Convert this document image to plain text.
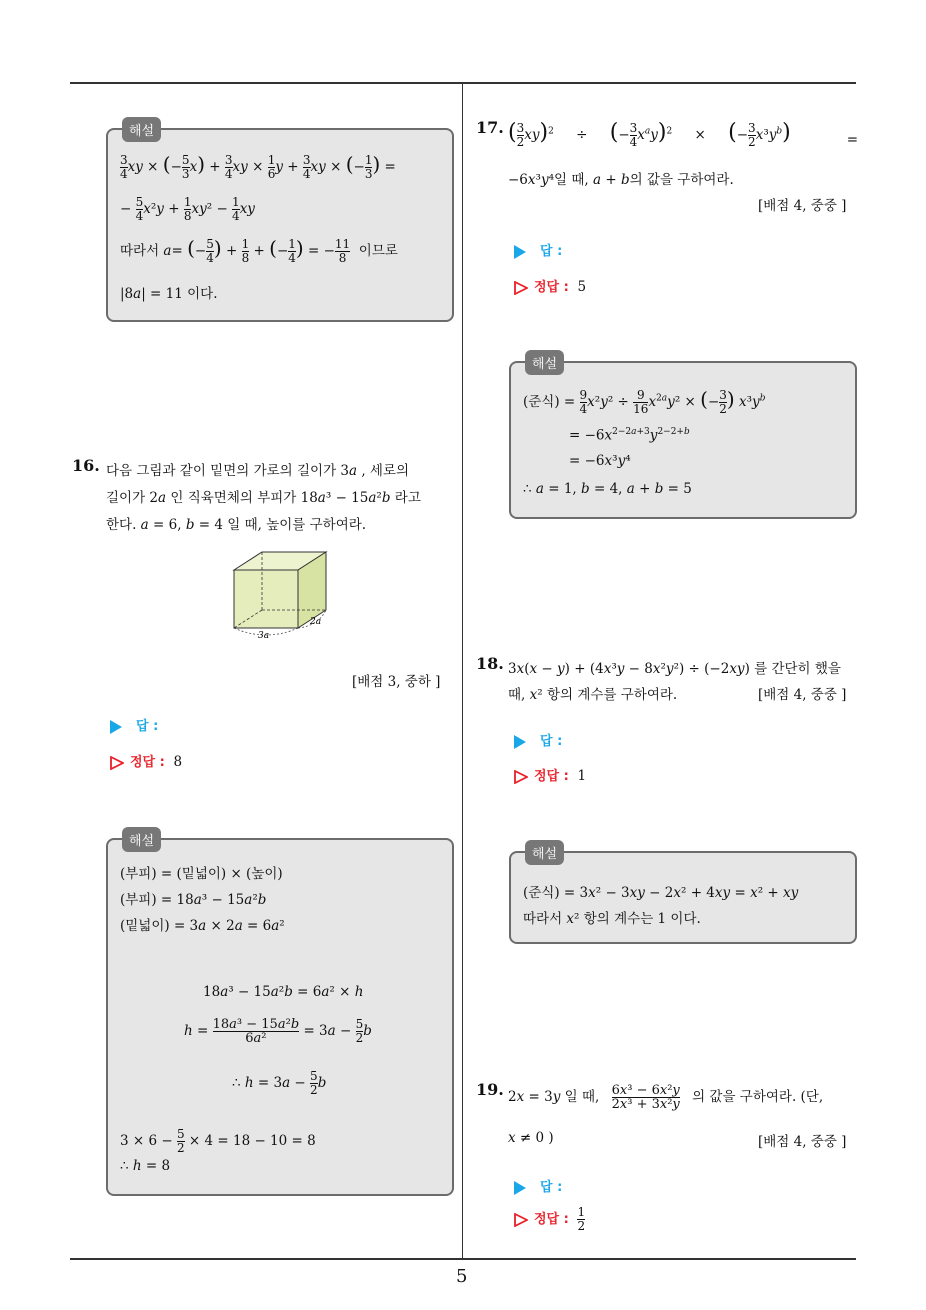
해설
$\frac{3}{4}$ xy × (− $\frac{5}{3} x) + \frac{3}{4}$ xy × $\frac{1}{6}$ $y + \frac{3}{4}$ xy × (− $\frac{1}{3}$ ) =
− $\frac{5}{4} x^2y + \frac{1}{8} xy^2 - \frac{1}{4}$ xy
따라서 a= (− $\frac{5}{4}$ ) + $\frac{1}{8}$ + (− $\frac{1}{4}$ ) = − $\frac{11}{8}$ 이므로
|8a| = 11 이다.
16. 다음 그림과 같이 밑면의 가로의 길이가 3a , 세로의
길이가 2a 인 직육면체의 부피가 18a³ − 15a²b 라고
한다. a = 6, b = 4 일 때, 높이를 구하여라.
3a
2a
[배점 3, 중하 ]
답 :
정답 : 8
해설
(부피) = (밑넓이) × (높이)
(부피) = 18a³ − 15a²b
(밑넓이) = 3a × 2a = 6a²
18a³ − 15a²b = 6a² × h
$h = \frac{\text{18a³ − 15a²b}}{\text{6a²}} = 3a - \frac{5}{2}$ b
∴ $h = 3a - \frac{5}{2}$ b
$3 \times 6 - \frac{5}{2} \times 4 = 18 - 10 = 8$
∴ h = 8
17. ( $\frac{3}{2} xy)^2$ ÷ (− $\frac{3}{4} x^ay)^2$ × (− $\frac{3}{2} x^3y^b$)	=
−6x³y⁴일 때, a + b의 값을 구하여라.
[배점 4, 중중 ]
답 :
정답 : 5
해설
(준식) = $\frac{9}{4} x^2y^2 \div \frac{9}{16} x^{2a}y^2$ × (− $\frac{3}{2}$ ) $x^3y^b$
= $-6x^{2-2a+3}y^{2-2+b}$
= −6x³y⁴
∴ a = 1, b = 4, a + b = 5
18. 3x(x − y) + (4x³y − 8x²y²) ÷ (−2xy) 를 간단히 했을
때, x² 항의 계수를 구하여라.	[배점 4, 중중 ]
답 :
정답 : 1
해설
(준식) = 3x² − 3xy − 2x² + 4xy = x² + xy
따라서 x² 항의 계수는 1 이다.
19. 2x = 3y 일 때, $\frac{\text{6x³ − 6x²y}}{\text{2x³ + 3x²y}}$ 의 값을 구하여라. (단,
x ≠ 0 )	[배점 4, 중중 ]
답 :
정답 : $\frac{1}{2}$
5
